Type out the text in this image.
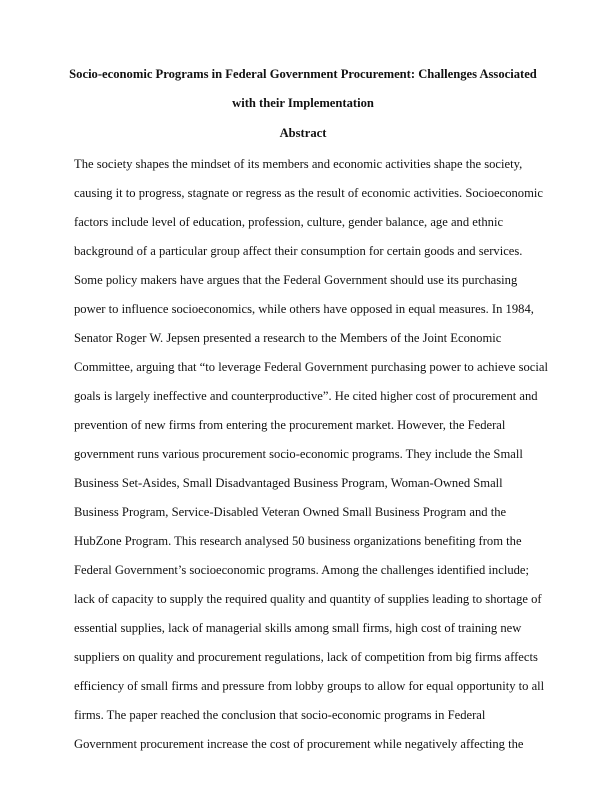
Socio-economic Programs in Federal Government Procurement: Challenges Associated
with their Implementation
Abstract
The society shapes the mindset of its members and economic activities shape the society,
causing it to progress, stagnate or regress as the result of economic activities. Socioeconomic
factors include level of education, profession, culture, gender balance, age and ethnic
background of a particular group affect their consumption for certain goods and services.
Some policy makers have argues that the Federal Government should use its purchasing
power to influence socioeconomics, while others have opposed in equal measures. In 1984,
Senator Roger W. Jepsen presented a research to the Members of the Joint Economic
Committee, arguing that “to leverage Federal Government purchasing power to achieve social
goals is largely ineffective and counterproductive”. He cited higher cost of procurement and
prevention of new firms from entering the procurement market. However, the Federal
government runs various procurement socio-economic programs. They include the Small
Business Set-Asides, Small Disadvantaged Business Program, Woman-Owned Small
Business Program, Service-Disabled Veteran Owned Small Business Program and the
HubZone Program. This research analysed 50 business organizations benefiting from the
Federal Government’s socioeconomic programs. Among the challenges identified include;
lack of capacity to supply the required quality and quantity of supplies leading to shortage of
essential supplies, lack of managerial skills among small firms, high cost of training new
suppliers on quality and procurement regulations, lack of competition from big firms affects
efficiency of small firms and pressure from lobby groups to allow for equal opportunity to all
firms. The paper reached the conclusion that socio-economic programs in Federal
Government procurement increase the cost of procurement while negatively affecting the
